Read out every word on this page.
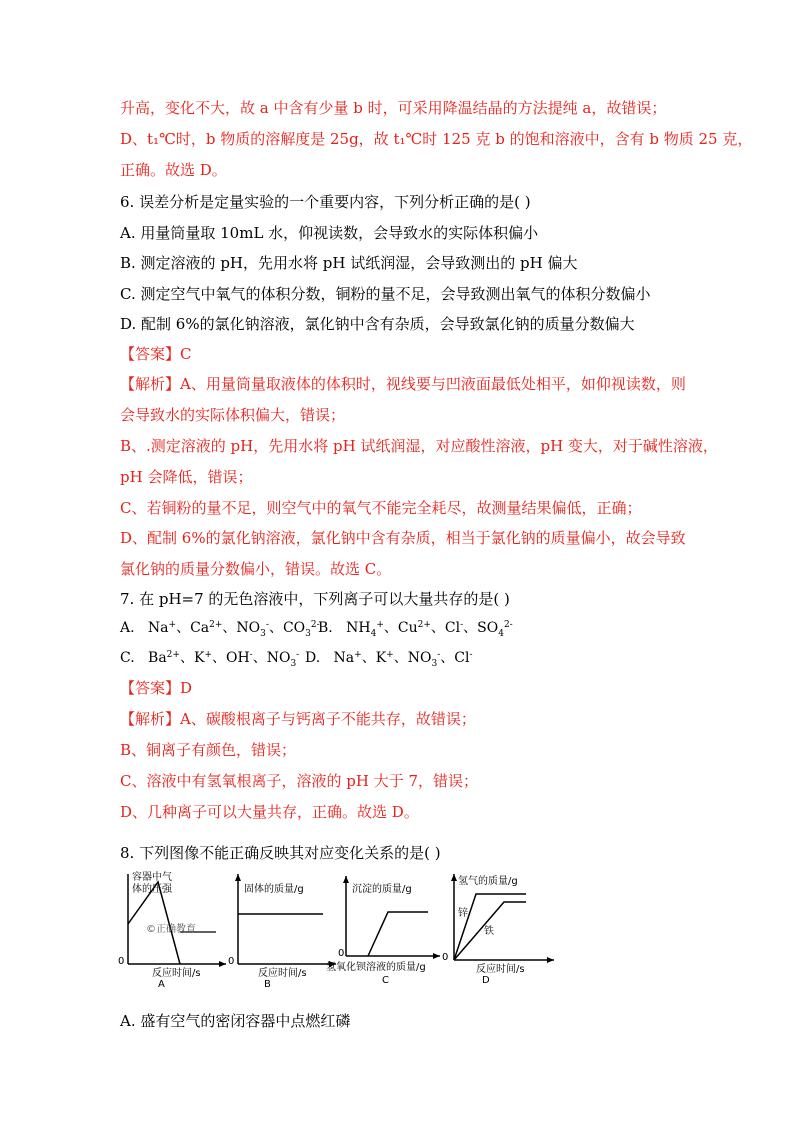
升高，变化不大，故 a 中含有少量 b 时，可采用降温结晶的方法提纯 a，故错误；
D、t₁℃时，b 物质的溶解度是 25g，故 t₁℃时 125 克 b 的饱和溶液中，含有 b 物质 25 克，
正确。故选 D。
6. 误差分析是定量实验的一个重要内容，下列分析正确的是( )
A. 用量筒量取 10mL 水，仰视读数，会导致水的实际体积偏小
B. 测定溶液的 pH，先用水将 pH 试纸润湿，会导致测出的 pH 偏大
C. 测定空气中氧气的体积分数，铜粉的量不足，会导致测出氧气的体积分数偏小
D. 配制 6%的氯化钠溶液，氯化钠中含有杂质，会导致氯化钠的质量分数偏大
【答案】C
【解析】A、用量筒量取液体的体积时，视线要与凹液面最低处相平，如仰视读数，则
会导致水的实际体积偏大，错误；
B、.测定溶液的 pH，先用水将 pH 试纸润湿，对应酸性溶液，pH 变大，对于碱性溶液，
pH 会降低，错误；
C、若铜粉的量不足，则空气中的氧气不能完全耗尽，故测量结果偏低，正确；
D、配制 6%的氯化钠溶液，氯化钠中含有杂质，相当于氯化钠的质量偏小，故会导致
氯化钠的质量分数偏小，错误。故选 C。
7. 在 pH=7 的无色溶液中，下列离子可以大量共存的是( )
【答案】D
【解析】A、碳酸根离子与钙离子不能共存，故错误；
B、铜离子有颜色，错误；
C、溶液中有氢氧根离子，溶液的 pH 大于 7，错误；
D、几种离子可以大量共存，正确。故选 D。
8. 下列图像不能正确反映其对应变化关系的是( )
A. 盛有空气的密闭容器中点燃红磷
A. Na+、$Ca^{2+}$、$NO_3^-$、$CO_3^{2-}$
B. $NH_4^+$、$Cu^{2+}$、Cl-、$SO_4^{2-}$
C. $Ba^{2+}$、K+、OH-、$NO_3^-$ D. Na+、K+、$NO_3^-$、Cl-
容器中气
体的压强
©正确教育
0
反应时间/s
A
固体的质量/g
0
反应时间/s
B
沉淀的质量/g
0
氢氧化钡溶液的质量/g
C
氢气的质量/g
锌
铁
0
反应时间/s
D
